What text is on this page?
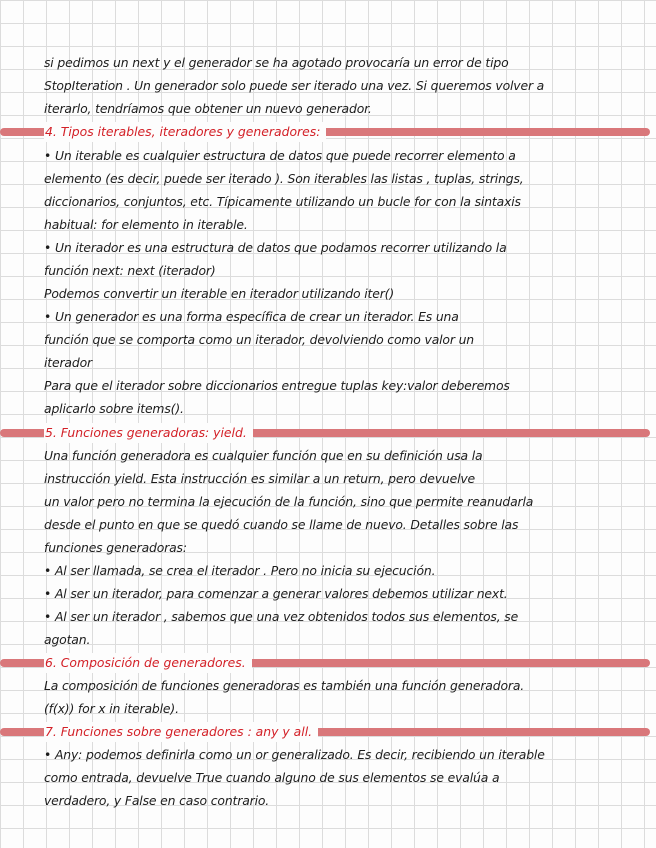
si pedimos un next y el generador se ha agotado provocaría un error de tipo
StopIteration . Un generador solo puede ser iterado una vez. Si queremos volver a
iterarlo, tendríamos que obtener un nuevo generador.
4. Tipos iterables, iteradores y generadores:
• Un iterable es cualquier estructura de datos que puede recorrer elemento a
elemento (es decir, puede ser iterado ). Son iterables las listas , tuplas, strings,
diccionarios, conjuntos, etc. Típicamente utilizando un bucle for con la sintaxis
habitual: for elemento in iterable.
• Un iterador es una estructura de datos que podamos recorrer utilizando la
función next: next (iterador)
Podemos convertir un iterable en iterador utilizando iter()
• Un generador es una forma específica de crear un iterador. Es una
función que se comporta como un iterador, devolviendo como valor un
iterador
Para que el iterador sobre diccionarios entregue tuplas key:valor deberemos
aplicarlo sobre items().
5. Funciones generadoras: yield.
Una función generadora es cualquier función que en su definición usa la
instrucción yield. Esta instrucción es similar a un return, pero devuelve
un valor pero no termina la ejecución de la función, sino que permite reanudarla
desde el punto en que se quedó cuando se llame de nuevo. Detalles sobre las
funciones generadoras:
• Al ser llamada, se crea el iterador . Pero no inicia su ejecución.
• Al ser un iterador, para comenzar a generar valores debemos utilizar next.
• Al ser un iterador , sabemos que una vez obtenidos todos sus elementos, se
agotan.
6. Composición de generadores.
La composición de funciones generadoras es también una función generadora.
(f(x)) for x in iterable).
7. Funciones sobre generadores : any y all.
• Any: podemos definirla como un or generalizado. Es decir, recibiendo un iterable
como entrada, devuelve True cuando alguno de sus elementos se evalúa a
verdadero, y False en caso contrario.
